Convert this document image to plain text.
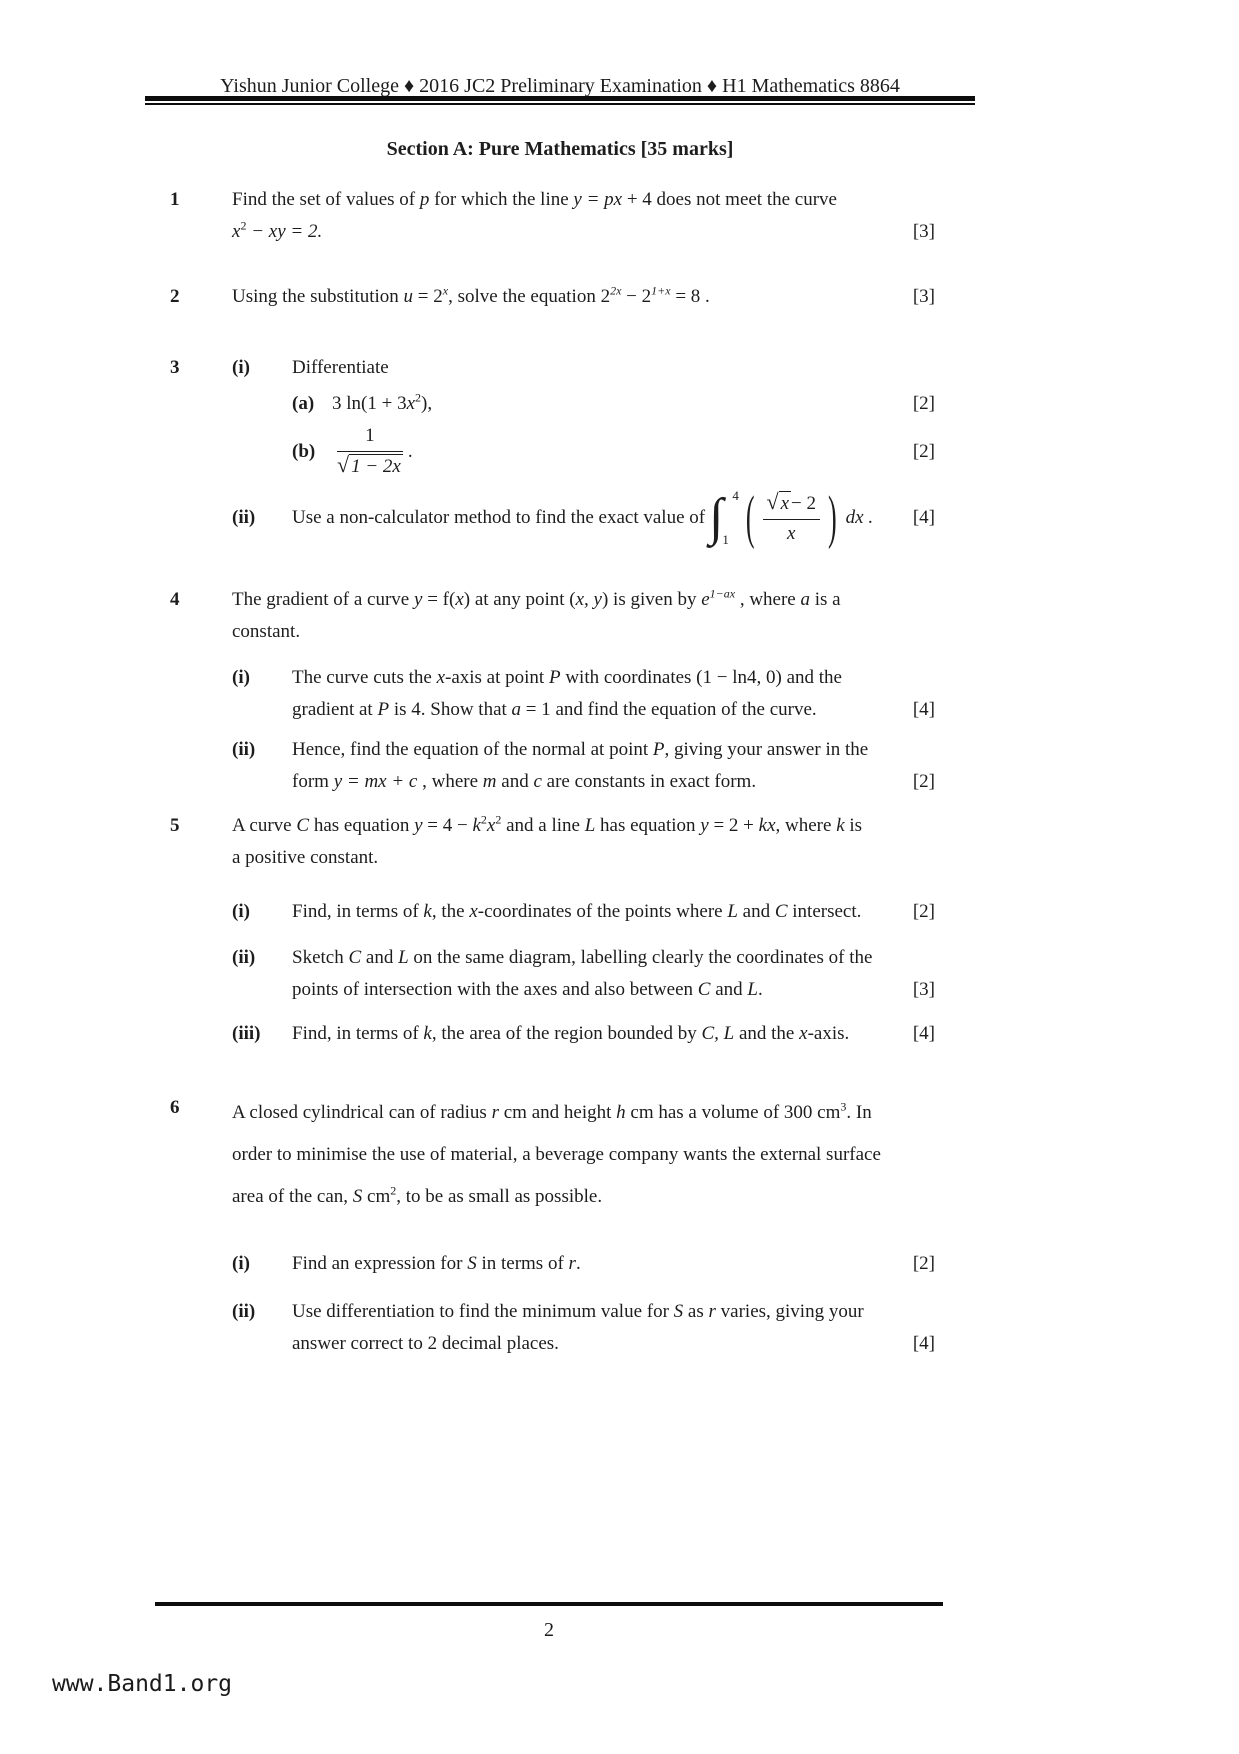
Yishun Junior College ♦ 2016 JC2 Preliminary Examination ♦ H1 Mathematics 8864
Section A: Pure Mathematics [35 marks]
1	Find the set of values of p for which the line y = px + 4 does not meet the curve
$x^2$ − xy = 2.	[3]

2	Using the substitution $u = 2^x$, solve the equation $2^{2x} - 2^{1+x} = 8$ .	[3]

3	(i)	Differentiate
(a) 3 $\ln(1 + 3x^2)$,	[2]
(b)	$\frac{1}{√ 1 - 2x}$ .	[2]
(ii)	Use a non-calculator method to find the exact value of ∫ 4
1 ( $\frac{√ x - 2}{x}$ ) dx . [4]
4	The gradient of a curve y = f(x) at any point (x, y) is given by $e^{1-ax}$ , where a is a
constant.

(i)	The curve cuts the x-axis at point P with coordinates (1 − ln4, 0) and the
gradient at P is 4. Show that a = 1 and find the equation of the curve.	[4]

(ii)	Hence, find the equation of the normal at point P, giving your answer in the
form y = mx + c , where m and c are constants in exact form.	[2]

5	A curve C has equation $y = 4 - k^2x^2$ and a line L has equation y = 2 + kx, where k is
a positive constant.

(i)	Find, in terms of k, the x-coordinates of the points where L and C intersect.	[2]

(ii)	Sketch C and L on the same diagram, labelling clearly the coordinates of the
points of intersection with the axes and also between C and L.	[3]

(iii)	Find, in terms of k, the area of the region bounded by C, L and the x-axis.	[4]

6	A closed cylindrical can of radius r cm and height h cm has a volume of 300 $cm^3$. In
order to minimise the use of material, a beverage company wants the external surface
area of the can, S $cm^2$, to be as small as possible.

(i)	Find an expression for S in terms of r.	[2]

(ii)	Use differentiation to find the minimum value for S as r varies, giving your
answer correct to 2 decimal places.	[4]

2
www.Band1.org
